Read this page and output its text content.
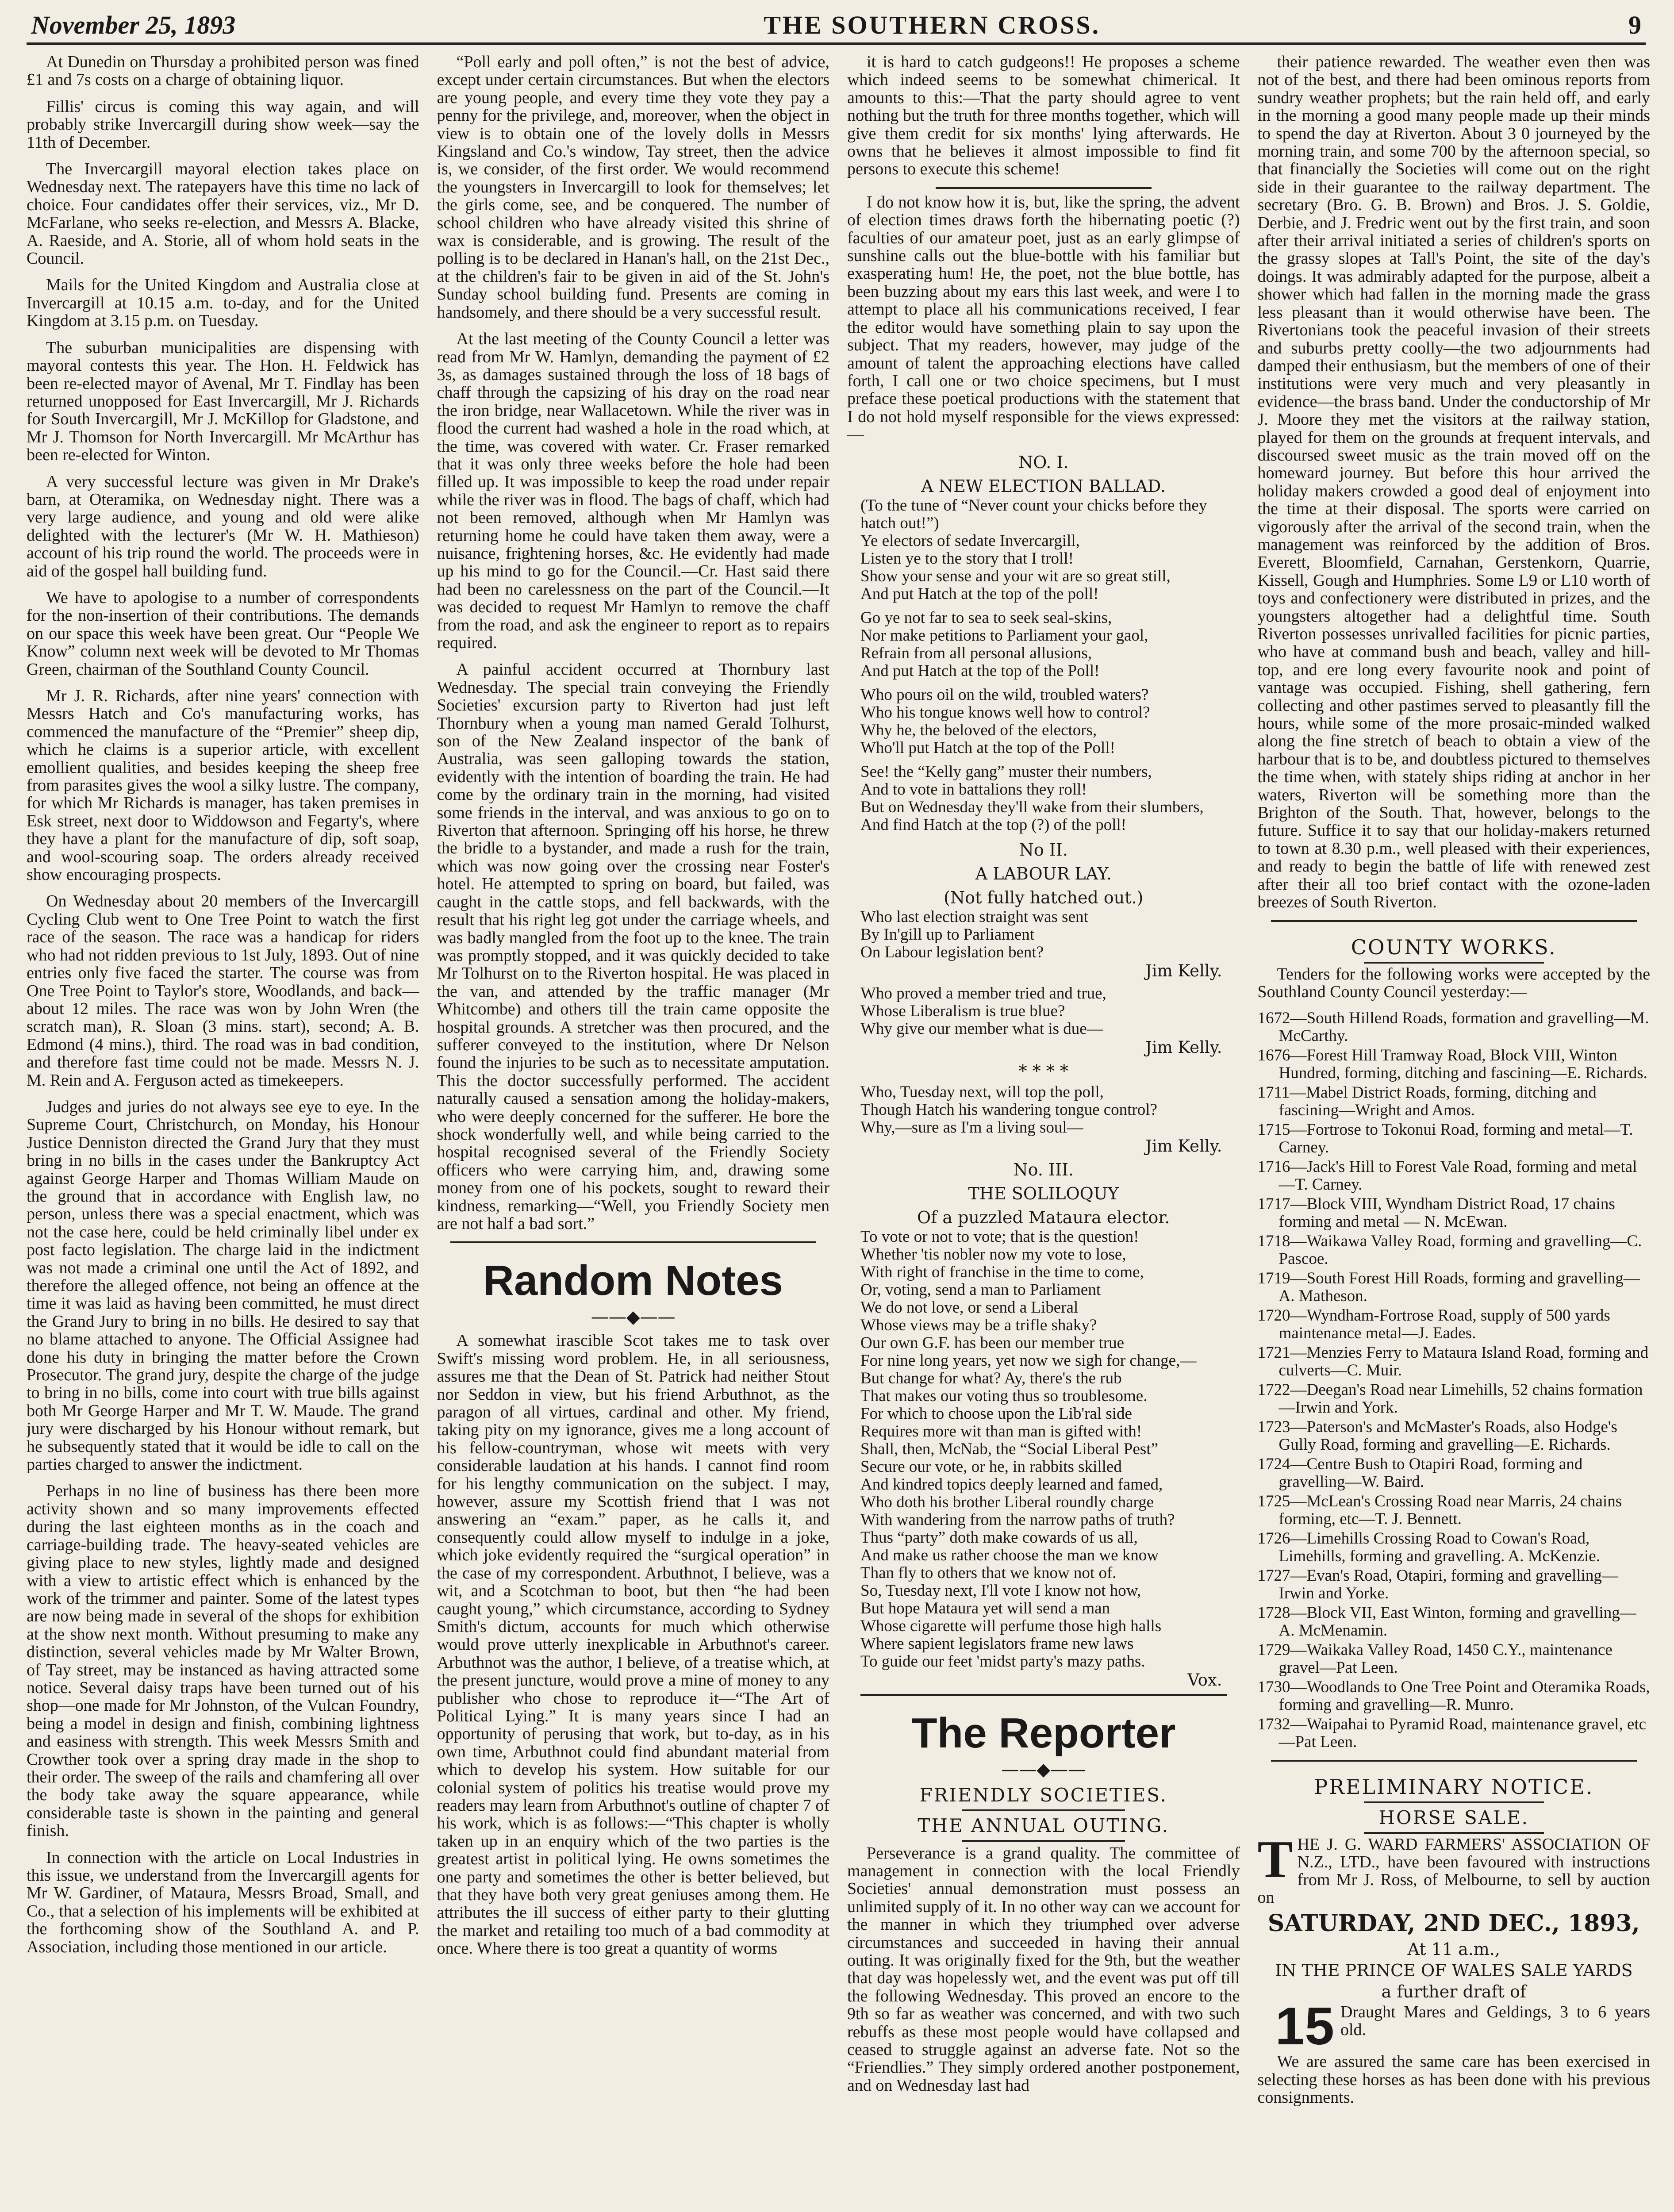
November 25, 1893	THE SOUTHERN CROSS.	9

At Dunedin on Thursday a prohibited person was fined £1 and 7s costs on a charge of obtaining liquor.

Fillis' circus is coming this way again, and will probably strike Invercargill during show week—say the 11th of December.

The Invercargill mayoral election takes place on Wednesday next. The ratepayers have this time no lack of choice. Four candidates offer their services, viz., Mr D. McFarlane, who seeks re-election, and Messrs A. Blacke, A. Raeside, and A. Storie, all of whom hold seats in the Council.

Mails for the United Kingdom and Australia close at Invercargill at 10.15 a.m. to-day, and for the United Kingdom at 3.15 p.m. on Tuesday.

The suburban municipalities are dispensing with mayoral contests this year. The Hon. H. Feldwick has been re-elected mayor of Avenal, Mr T. Findlay has been returned unopposed for East Invercargill, Mr J. Richards for South Invercargill, Mr J. McKillop for Gladstone, and Mr J. Thomson for North Invercargill. Mr McArthur has been re-elected for Winton.

A very successful lecture was given in Mr Drake's barn, at Oteramika, on Wednesday night. There was a very large audience, and young and old were alike delighted with the lecturer's (Mr W. H. Mathieson) account of his trip round the world. The proceeds were in aid of the gospel hall building fund.

We have to apologise to a number of correspondents for the non-insertion of their contributions. The demands on our space this week have been great. Our “People We Know” column next week will be devoted to Mr Thomas Green, chairman of the Southland County Council.

Mr J. R. Richards, after nine years' connection with Messrs Hatch and Co's manufacturing works, has commenced the manufacture of the “Premier” sheep dip, which he claims is a superior article, with excellent emollient qualities, and besides keeping the sheep free from parasites gives the wool a silky lustre. The company, for which Mr Richards is manager, has taken premises in Esk street, next door to Widdowson and Fegarty's, where they have a plant for the manufacture of dip, soft soap, and wool-scouring soap. The orders already received show encouraging prospects.

On Wednesday about 20 members of the Invercargill Cycling Club went to One Tree Point to watch the first race of the season. The race was a handicap for riders who had not ridden previous to 1st July, 1893. Out of nine entries only five faced the starter. The course was from One Tree Point to Taylor's store, Woodlands, and back—about 12 miles. The race was won by John Wren (the scratch man), R. Sloan (3 mins. start), second; A. B. Edmond (4 mins.), third. The road was in bad condition, and therefore fast time could not be made. Messrs N. J. M. Rein and A. Ferguson acted as timekeepers.

Judges and juries do not always see eye to eye. In the Supreme Court, Christchurch, on Monday, his Honour Justice Denniston directed the Grand Jury that they must bring in no bills in the cases under the Bankruptcy Act against George Harper and Thomas William Maude on the ground that in accordance with English law, no person, unless there was a special enactment, which was not the case here, could be held criminally libel under ex post facto legislation. The charge laid in the indictment was not made a criminal one until the Act of 1892, and therefore the alleged offence, not being an offence at the time it was laid as having been committed, he must direct the Grand Jury to bring in no bills. He desired to say that no blame attached to anyone. The Official Assignee had done his duty in bringing the matter before the Crown Prosecutor. The grand jury, despite the charge of the judge to bring in no bills, come into court with true bills against both Mr George Harper and Mr T. W. Maude. The grand jury were discharged by his Honour without remark, but he subsequently stated that it would be idle to call on the parties charged to answer the indictment.

Perhaps in no line of business has there been more activity shown and so many improvements effected during the last eighteen months as in the coach and carriage-building trade. The heavy-seated vehicles are giving place to new styles, lightly made and designed with a view to artistic effect which is enhanced by the work of the trimmer and painter. Some of the latest types are now being made in several of the shops for exhibition at the show next month. Without presuming to make any distinction, several vehicles made by Mr Walter Brown, of Tay street, may be instanced as having attracted some notice. Several daisy traps have been turned out of his shop—one made for Mr Johnston, of the Vulcan Foundry, being a model in design and finish, combining lightness and easiness with strength. This week Messrs Smith and Crowther took over a spring dray made in the shop to their order. The sweep of the rails and chamfering all over the body take away the square appearance, while considerable taste is shown in the painting and general finish.

In connection with the article on Local Industries in this issue, we understand from the Invercargill agents for Mr W. Gardiner, of Mataura, Messrs Broad, Small, and Co., that a selection of his implements will be exhibited at the forthcoming show of the Southland A. and P. Association, including those mentioned in our article.

“Poll early and poll often,” is not the best of advice, except under certain circumstances. But when the electors are young people, and every time they vote they pay a penny for the privilege, and, moreover, when the object in view is to obtain one of the lovely dolls in Messrs Kingsland and Co.'s window, Tay street, then the advice is, we consider, of the first order. We would recommend the youngsters in Invercargill to look for themselves; let the girls come, see, and be conquered. The number of school children who have already visited this shrine of wax is considerable, and is growing. The result of the polling is to be declared in Hanan's hall, on the 21st Dec., at the children's fair to be given in aid of the St. John's Sunday school building fund. Presents are coming in handsomely, and there should be a very successful result.

At the last meeting of the County Council a letter was read from Mr W. Hamlyn, demanding the payment of £2 3s, as damages sustained through the loss of 18 bags of chaff through the capsizing of his dray on the road near the iron bridge, near Wallacetown. While the river was in flood the current had washed a hole in the road which, at the time, was covered with water. Cr. Fraser remarked that it was only three weeks before the hole had been filled up. It was impossible to keep the road under repair while the river was in flood. The bags of chaff, which had not been removed, although when Mr Hamlyn was returning home he could have taken them away, were a nuisance, frightening horses, &c. He evidently had made up his mind to go for the Council.—Cr. Hast said there had been no carelessness on the part of the Council.—It was decided to request Mr Hamlyn to remove the chaff from the road, and ask the engineer to report as to repairs required.

A painful accident occurred at Thornbury last Wednesday. The special train conveying the Friendly Societies' excursion party to Riverton had just left Thornbury when a young man named Gerald Tolhurst, son of the New Zealand inspector of the bank of Australia, was seen galloping towards the station, evidently with the intention of boarding the train. He had come by the ordinary train in the morning, had visited some friends in the interval, and was anxious to go on to Riverton that afternoon. Springing off his horse, he threw the bridle to a bystander, and made a rush for the train, which was now going over the crossing near Foster's hotel. He attempted to spring on board, but failed, was caught in the cattle stops, and fell backwards, with the result that his right leg got under the carriage wheels, and was badly mangled from the foot up to the knee. The train was promptly stopped, and it was quickly decided to take Mr Tolhurst on to the Riverton hospital. He was placed in the van, and attended by the traffic manager (Mr Whitcombe) and others till the train came opposite the hospital grounds. A stretcher was then procured, and the sufferer conveyed to the institution, where Dr Nelson found the injuries to be such as to necessitate amputation. This the doctor successfully performed. The accident naturally caused a sensation among the holiday-makers, who were deeply concerned for the sufferer. He bore the shock wonderfully well, and while being carried to the hospital recognised several of the Friendly Society officers who were carrying him, and, drawing some money from one of his pockets, sought to reward their kindness, remarking—“Well, you Friendly Society men are not half a bad sort.”

Random Notes
——◆——

A somewhat irascible Scot takes me to task over Swift's missing word problem. He, in all seriousness, assures me that the Dean of St. Patrick had neither Stout nor Seddon in view, but his friend Arbuthnot, as the paragon of all virtues, cardinal and other. My friend, taking pity on my ignorance, gives me a long account of his fellow-countryman, whose wit meets with very considerable laudation at his hands. I cannot find room for his lengthy communication on the subject. I may, however, assure my Scottish friend that I was not answering an “exam.” paper, as he calls it, and consequently could allow myself to indulge in a joke, which joke evidently required the “surgical operation” in the case of my correspondent. Arbuthnot, I believe, was a wit, and a Scotchman to boot, but then “he had been caught young,” which circumstance, according to Sydney Smith's dictum, accounts for much which otherwise would prove utterly inexplicable in Arbuthnot's career. Arbuthnot was the author, I believe, of a treatise which, at the present juncture, would prove a mine of money to any publisher who chose to reproduce it—“The Art of Political Lying.” It is many years since I had an opportunity of perusing that work, but to-day, as in his own time, Arbuthnot could find abundant material from which to develop his system. How suitable for our colonial system of politics his treatise would prove my readers may learn from Arbuthnot's outline of chapter 7 of his work, which is as follows:—“This chapter is wholly taken up in an enquiry which of the two parties is the greatest artist in political lying. He owns sometimes the one party and sometimes the other is better believed, but that they have both very great geniuses among them. He attributes the ill success of either party to their glutting the market and retailing too much of a bad commodity at once. Where there is too great a quantity of worms

it is hard to catch gudgeons!! He proposes a scheme which indeed seems to be somewhat chimerical. It amounts to this:—That the party should agree to vent nothing but the truth for three months together, which will give them credit for six months' lying afterwards. He owns that he believes it almost impossible to find fit persons to execute this scheme!

I do not know how it is, but, like the spring, the advent of election times draws forth the hibernating poetic (?) faculties of our amateur poet, just as an early glimpse of sunshine calls out the blue-bottle with his familiar but exasperating hum! He, the poet, not the blue bottle, has been buzzing about my ears this last week, and were I to attempt to place all his communications received, I fear the editor would have something plain to say upon the subject. That my readers, however, may judge of the amount of talent the approaching elections have called forth, I call one or two choice specimens, but I must preface these poetical productions with the statement that I do not hold myself responsible for the views expressed:—

NO. I.
A NEW ELECTION BALLAD.
(To the tune of “Never count your chicks before they hatch out!”)
Ye electors of sedate Invercargill,
Listen ye to the story that I troll!
Show your sense and your wit are so great still,
And put Hatch at the top of the poll!
Go ye not far to sea to seek seal-skins,
Nor make petitions to Parliament your gaol,
Refrain from all personal allusions,
And put Hatch at the top of the Poll!
Who pours oil on the wild, troubled waters?
Who his tongue knows well how to control?
Why he, the beloved of the electors,
Who'll put Hatch at the top of the Poll!
See! the “Kelly gang” muster their numbers,
And to vote in battalions they roll!
But on Wednesday they'll wake from their slumbers,
And find Hatch at the top (?) of the poll!
No II.
A LABOUR LAY.
(Not fully hatched out.)
Who last election straight was sent
By In'gill up to Parliament
On Labour legislation bent?
Jim Kelly.
Who proved a member tried and true,
Whose Liberalism is true blue?
Why give our member what is due—
Jim Kelly.
* * * *
Who, Tuesday next, will top the poll,
Though Hatch his wandering tongue control?
Why,—sure as I'm a living soul—
Jim Kelly.
No. III.
THE SOLILOQUY
Of a puzzled Mataura elector.
To vote or not to vote; that is the question!
Whether 'tis nobler now my vote to lose,
With right of franchise in the time to come,
Or, voting, send a man to Parliament
We do not love, or send a Liberal
Whose views may be a trifle shaky?
Our own G.F. has been our member true
For nine long years, yet now we sigh for change,—
But change for what? Ay, there's the rub
That makes our voting thus so troublesome.
For which to choose upon the Lib'ral side
Requires more wit than man is gifted with!
Shall, then, McNab, the “Social Liberal Pest”
Secure our vote, or he, in rabbits skilled
And kindred topics deeply learned and famed,
Who doth his brother Liberal roundly charge
With wandering from the narrow paths of truth?
Thus “party” doth make cowards of us all,
And make us rather choose the man we know
Than fly to others that we know not of.
So, Tuesday next, I'll vote I know not how,
But hope Mataura yet will send a man
Whose cigarette will perfume those high halls
Where sapient legislators frame new laws
To guide our feet 'midst party's mazy paths.
Vox.
The Reporter
——◆——
FRIENDLY SOCIETIES.
THE ANNUAL OUTING.

Perseverance is a grand quality. The committee of management in connection with the local Friendly Societies' annual demonstration must possess an unlimited supply of it. In no other way can we account for the manner in which they triumphed over adverse circumstances and succeeded in having their annual outing. It was originally fixed for the 9th, but the weather that day was hopelessly wet, and the event was put off till the following Wednesday. This proved an encore to the 9th so far as weather was concerned, and with two such rebuffs as these most people would have collapsed and ceased to struggle against an adverse fate. Not so the “Friendlies.” They simply ordered another postponement, and on Wednesday last had

their patience rewarded. The weather even then was not of the best, and there had been ominous reports from sundry weather prophets; but the rain held off, and early in the morning a good many people made up their minds to spend the day at Riverton. About 3 0 journeyed by the morning train, and some 700 by the afternoon special, so that financially the Societies will come out on the right side in their guarantee to the railway department. The secretary (Bro. G. B. Brown) and Bros. J. S. Goldie, Derbie, and J. Fredric went out by the first train, and soon after their arrival initiated a series of children's sports on the grassy slopes at Tall's Point, the site of the day's doings. It was admirably adapted for the purpose, albeit a shower which had fallen in the morning made the grass less pleasant than it would otherwise have been. The Rivertonians took the peaceful invasion of their streets and suburbs pretty coolly—the two adjournments had damped their enthusiasm, but the members of one of their institutions were very much and very pleasantly in evidence—the brass band. Under the conductorship of Mr J. Moore they met the visitors at the railway station, played for them on the grounds at frequent intervals, and discoursed sweet music as the train moved off on the homeward journey. But before this hour arrived the holiday makers crowded a good deal of enjoyment into the time at their disposal. The sports were carried on vigorously after the arrival of the second train, when the management was reinforced by the addition of Bros. Everett, Bloomfield, Carnahan, Gerstenkorn, Quarrie, Kissell, Gough and Humphries. Some L9 or L10 worth of toys and confectionery were distributed in prizes, and the youngsters altogether had a delightful time. South Riverton possesses unrivalled facilities for picnic parties, who have at command bush and beach, valley and hill-top, and ere long every favourite nook and point of vantage was occupied. Fishing, shell gathering, fern collecting and other pastimes served to pleasantly fill the hours, while some of the more prosaic-minded walked along the fine stretch of beach to obtain a view of the harbour that is to be, and doubtless pictured to themselves the time when, with stately ships riding at anchor in her waters, Riverton will be something more than the Brighton of the South. That, however, belongs to the future. Suffice it to say that our holiday-makers returned to town at 8.30 p.m., well pleased with their experiences, and ready to begin the battle of life with renewed zest after their all too brief contact with the ozone-laden breezes of South Riverton.

COUNTY WORKS.

Tenders for the following works were accepted by the Southland County Council yesterday:—

1672—South Hillend Roads, formation and gravelling—M. McCarthy.
1676—Forest Hill Tramway Road, Block VIII, Winton Hundred, forming, ditching and fascining—E. Richards.
1711—Mabel District Roads, forming, ditching and fascining—Wright and Amos.
1715—Fortrose to Tokonui Road, forming and metal—T. Carney.
1716—Jack's Hill to Forest Vale Road, forming and metal—T. Carney.
1717—Block VIII, Wyndham District Road, 17 chains forming and metal — N. McEwan.
1718—Waikawa Valley Road, forming and gravelling—C. Pascoe.
1719—South Forest Hill Roads, forming and gravelling—A. Matheson.
1720—Wyndham-Fortrose Road, supply of 500 yards maintenance metal—J. Eades.
1721—Menzies Ferry to Mataura Island Road, forming and culverts—C. Muir.
1722—Deegan's Road near Limehills, 52 chains formation—Irwin and York.
1723—Paterson's and McMaster's Roads, also Hodge's Gully Road, forming and gravelling—E. Richards.
1724—Centre Bush to Otapiri Road, forming and gravelling—W. Baird.
1725—McLean's Crossing Road near Marris, 24 chains forming, etc—T. J. Bennett.
1726—Limehills Crossing Road to Cowan's Road, Limehills, forming and gravelling. A. McKenzie.
1727—Evan's Road, Otapiri, forming and gravelling—Irwin and Yorke.
1728—Block VII, East Winton, forming and gravelling—A. McMenamin.
1729—Waikaka Valley Road, 1450 C.Y., maintenance gravel—Pat Leen.
1730—Woodlands to One Tree Point and Oteramika Roads, forming and gravelling—R. Munro.
1732—Waipahai to Pyramid Road, maintenance gravel, etc—Pat Leen.
PRELIMINARY NOTICE.
HORSE SALE.
T HE J. G. WARD FARMERS' ASSOCIATION OF N.Z., LTD., have been favoured with instructions from Mr J. Ross, of Melbourne, to sell by auction on
SATURDAY, 2ND DEC., 1893,
At 11 a.m.,
IN THE PRINCE OF WALES SALE YARDS
a further draft of
15 Draught Mares and Geldings, 3 to 6 years old.

We are assured the same care has been exercised in selecting these horses as has been done with his previous consignments.
